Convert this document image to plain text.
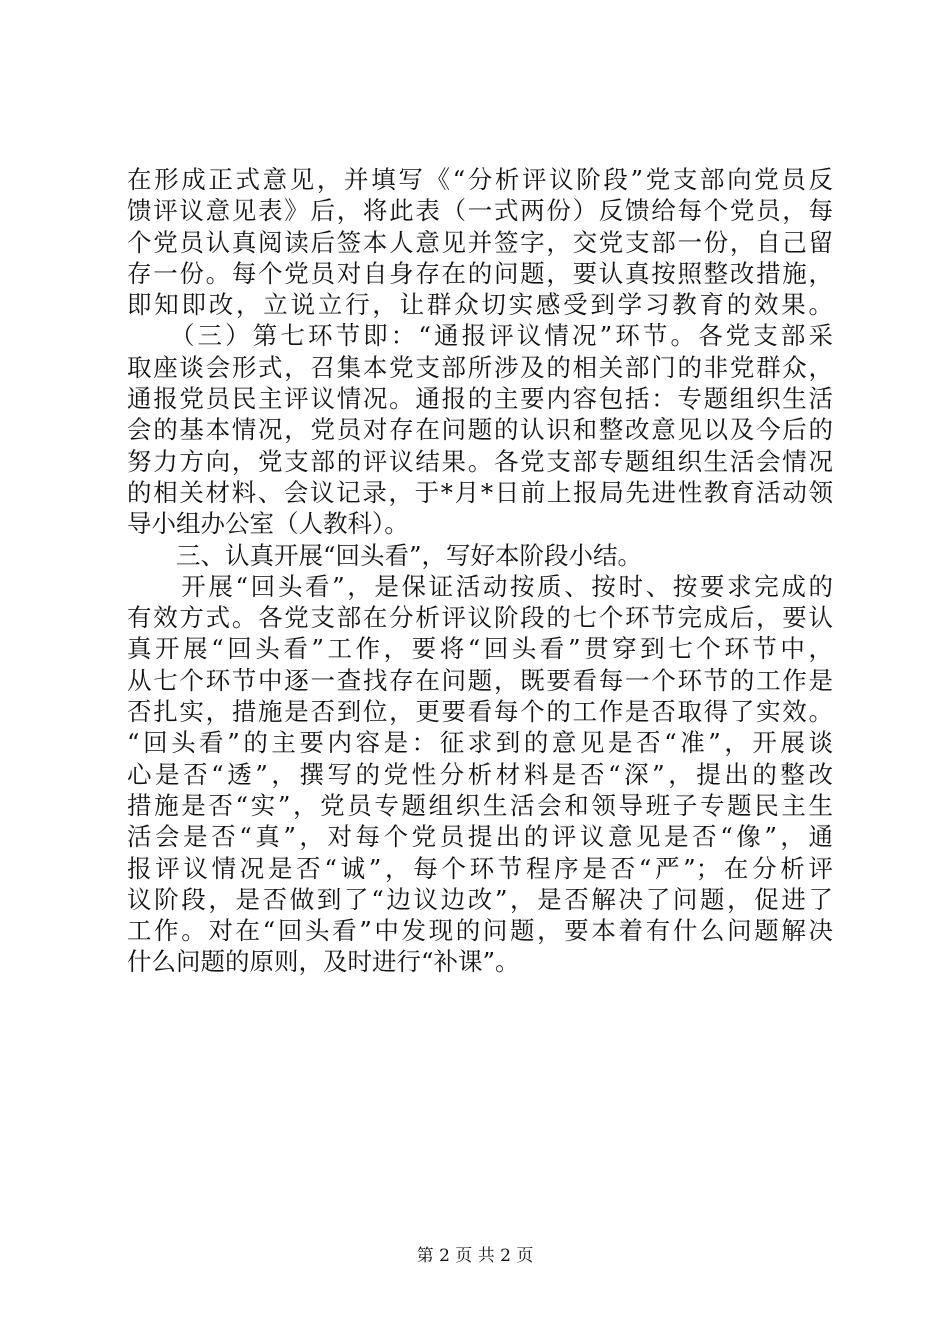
在形成正式意见，并填写《“分析评议阶段”党支部向党员反
馈评议意见表》后，将此表（一式两份）反馈给每个党员，每
个党员认真阅读后签本人意见并签字，交党支部一份，自己留
存一份。每个党员对自身存在的问题，要认真按照整改措施，
即知即改，立说立行，让群众切实感受到学习教育的效果。
　　（三）第七环节即：“通报评议情况”环节。各党支部采
取座谈会形式，召集本党支部所涉及的相关部门的非党群众，
通报党员民主评议情况。通报的主要内容包括：专题组织生活
会的基本情况，党员对存在问题的认识和整改意见以及今后的
努力方向，党支部的评议结果。各党支部专题组织生活会情况
的相关材料、会议记录，于*月*日前上报局先进性教育活动领
导小组办公室（人教科）。
　　三、认真开展“回头看”，写好本阶段小结。
　　开展“回头看”，是保证活动按质、按时、按要求完成的
有效方式。各党支部在分析评议阶段的七个环节完成后，要认
真开展“回头看”工作，要将“回头看”贯穿到七个环节中，
从七个环节中逐一查找存在问题，既要看每一个环节的工作是
否扎实，措施是否到位，更要看每个的工作是否取得了实效。
“回头看”的主要内容是：征求到的意见是否“准”，开展谈
心是否“透”，撰写的党性分析材料是否“深”，提出的整改
措施是否“实”，党员专题组织生活会和领导班子专题民主生
活会是否“真”，对每个党员提出的评议意见是否“像”，通
报评议情况是否“诚”，每个环节程序是否“严”；在分析评
议阶段，是否做到了“边议边改”，是否解决了问题，促进了
工作。对在“回头看”中发现的问题，要本着有什么问题解决
什么问题的原则，及时进行“补课”。
第 2 页 共 2 页
